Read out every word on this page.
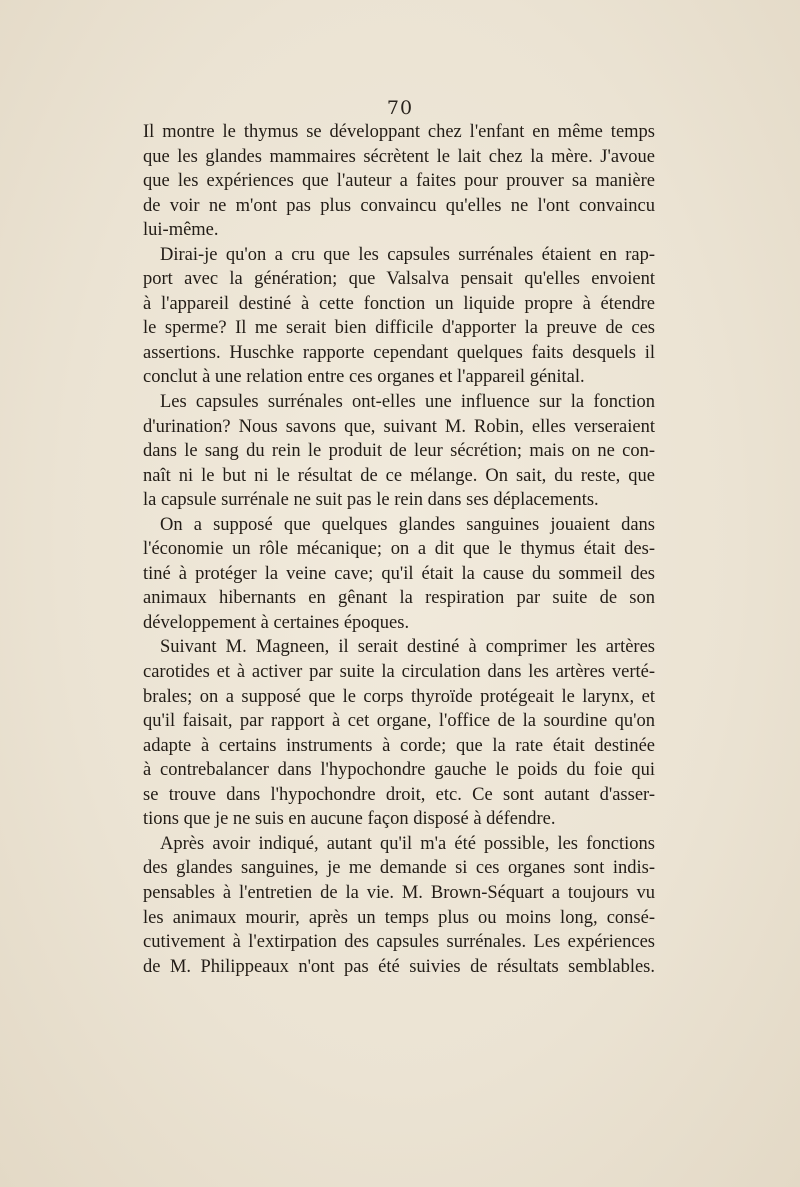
70
Il montre le thymus se développant chez l'enfant en même temps
que les glandes mammaires sécrètent le lait chez la mère. J'avoue
que les expériences que l'auteur a faites pour prouver sa manière
de voir ne m'ont pas plus convaincu qu'elles ne l'ont convaincu
lui-même.
Dirai-je qu'on a cru que les capsules surrénales étaient en rap-
port avec la génération; que Valsalva pensait qu'elles envoient
à l'appareil destiné à cette fonction un liquide propre à étendre
le sperme? Il me serait bien difficile d'apporter la preuve de ces
assertions. Huschke rapporte cependant quelques faits desquels il
conclut à une relation entre ces organes et l'appareil génital.
Les capsules surrénales ont-elles une influence sur la fonction
d'urination? Nous savons que, suivant M. Robin, elles verseraient
dans le sang du rein le produit de leur sécrétion; mais on ne con-
naît ni le but ni le résultat de ce mélange. On sait, du reste, que
la capsule surrénale ne suit pas le rein dans ses déplacements.
On a supposé que quelques glandes sanguines jouaient dans
l'économie un rôle mécanique; on a dit que le thymus était des-
tiné à protéger la veine cave; qu'il était la cause du sommeil des
animaux hibernants en gênant la respiration par suite de son
développement à certaines époques.
Suivant M. Magneen, il serait destiné à comprimer les artères
carotides et à activer par suite la circulation dans les artères verté-
brales; on a supposé que le corps thyroïde protégeait le larynx, et
qu'il faisait, par rapport à cet organe, l'office de la sourdine qu'on
adapte à certains instruments à corde; que la rate était destinée
à contrebalancer dans l'hypochondre gauche le poids du foie qui
se trouve dans l'hypochondre droit, etc. Ce sont autant d'asser-
tions que je ne suis en aucune façon disposé à défendre.
Après avoir indiqué, autant qu'il m'a été possible, les fonctions
des glandes sanguines, je me demande si ces organes sont indis-
pensables à l'entretien de la vie. M. Brown-Séquart a toujours vu
les animaux mourir, après un temps plus ou moins long, consé-
cutivement à l'extirpation des capsules surrénales. Les expériences
de M. Philippeaux n'ont pas été suivies de résultats semblables.
